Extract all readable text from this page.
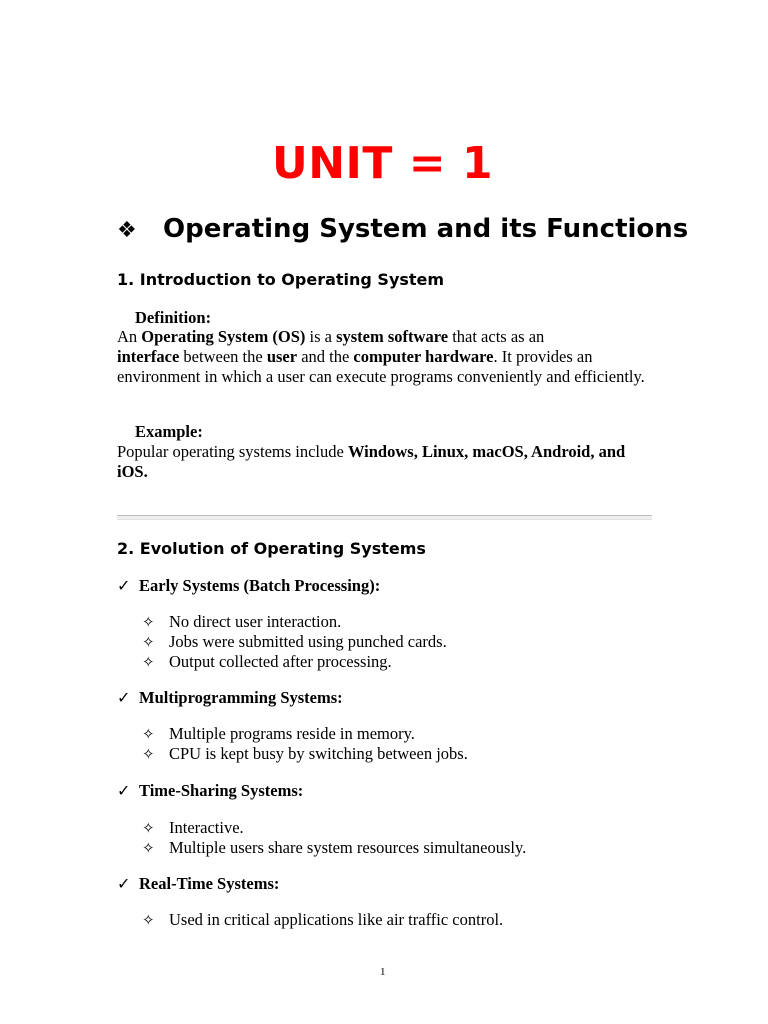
UNIT = 1
❖ Operating System and its Functions
1. Introduction to Operating System
Definition:
An Operating System (OS) is a system software that acts as an
interface between the user and the computer hardware. It provides an environment in which a user can execute programs conveniently and efficiently.
Example:
Popular operating systems include Windows, Linux, macOS, Android, and iOS.
2. Evolution of Operating Systems
✓ Early Systems (Batch Processing):
✧ No direct user interaction.
✧ Jobs were submitted using punched cards.
✧ Output collected after processing.
✓ Multiprogramming Systems:
✧ Multiple programs reside in memory.
✧ CPU is kept busy by switching between jobs.
✓ Time-Sharing Systems:
✧ Interactive.
✧ Multiple users share system resources simultaneously.
✓ Real-Time Systems:
✧ Used in critical applications like air traffic control.
1
